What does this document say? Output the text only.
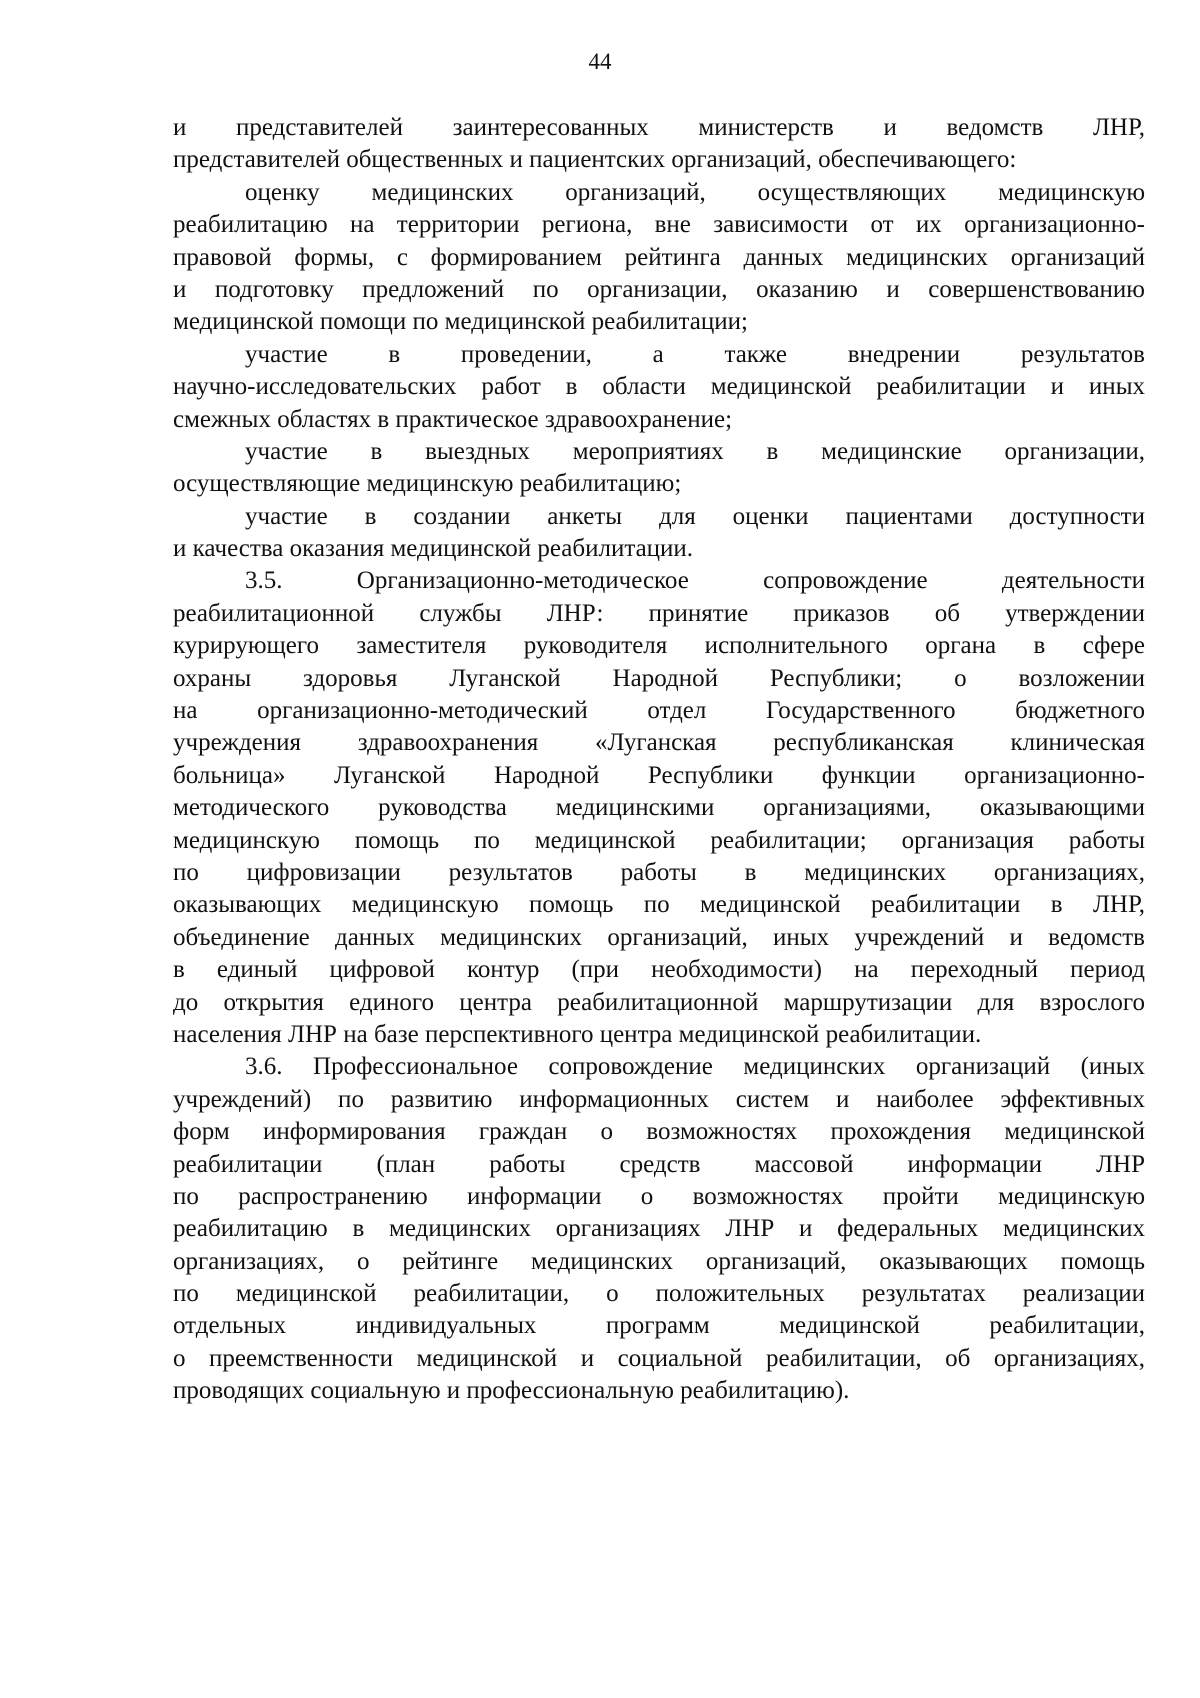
44
и представителей заинтересованных министерств и ведомств ЛНР,
представителей общественных и пациентских организаций, обеспечивающего:
оценку медицинских организаций, осуществляющих медицинскую
реабилитацию на территории региона, вне зависимости от их организационно-
правовой формы, с формированием рейтинга данных медицинских организаций
и подготовку предложений по организации, оказанию и совершенствованию
медицинской помощи по медицинской реабилитации;
участие в проведении, а также внедрении результатов
научно-исследовательских работ в области медицинской реабилитации и иных
смежных областях в практическое здравоохранение;
участие в выездных мероприятиях в медицинские организации,
осуществляющие медицинскую реабилитацию;
участие в создании анкеты для оценки пациентами доступности
и качества оказания медицинской реабилитации.
3.5. Организационно-методическое сопровождение деятельности
реабилитационной службы ЛНР: принятие приказов об утверждении
курирующего заместителя руководителя исполнительного органа в сфере
охраны здоровья Луганской Народной Республики; о возложении
на организационно-методический отдел Государственного бюджетного
учреждения здравоохранения «Луганская республиканская клиническая
больница» Луганской Народной Республики функции организационно-
методического руководства медицинскими организациями, оказывающими
медицинскую помощь по медицинской реабилитации; организация работы
по цифровизации результатов работы в медицинских организациях,
оказывающих медицинскую помощь по медицинской реабилитации в ЛНР,
объединение данных медицинских организаций, иных учреждений и ведомств
в единый цифровой контур (при необходимости) на переходный период
до открытия единого центра реабилитационной маршрутизации для взрослого
населения ЛНР на базе перспективного центра медицинской реабилитации.
3.6. Профессиональное сопровождение медицинских организаций (иных
учреждений) по развитию информационных систем и наиболее эффективных
форм информирования граждан о возможностях прохождения медицинской
реабилитации (план работы средств массовой информации ЛНР
по распространению информации о возможностях пройти медицинскую
реабилитацию в медицинских организациях ЛНР и федеральных медицинских
организациях, о рейтинге медицинских организаций, оказывающих помощь
по медицинской реабилитации, о положительных результатах реализации
отдельных индивидуальных программ медицинской реабилитации,
о преемственности медицинской и социальной реабилитации, об организациях,
проводящих социальную и профессиональную реабилитацию).
